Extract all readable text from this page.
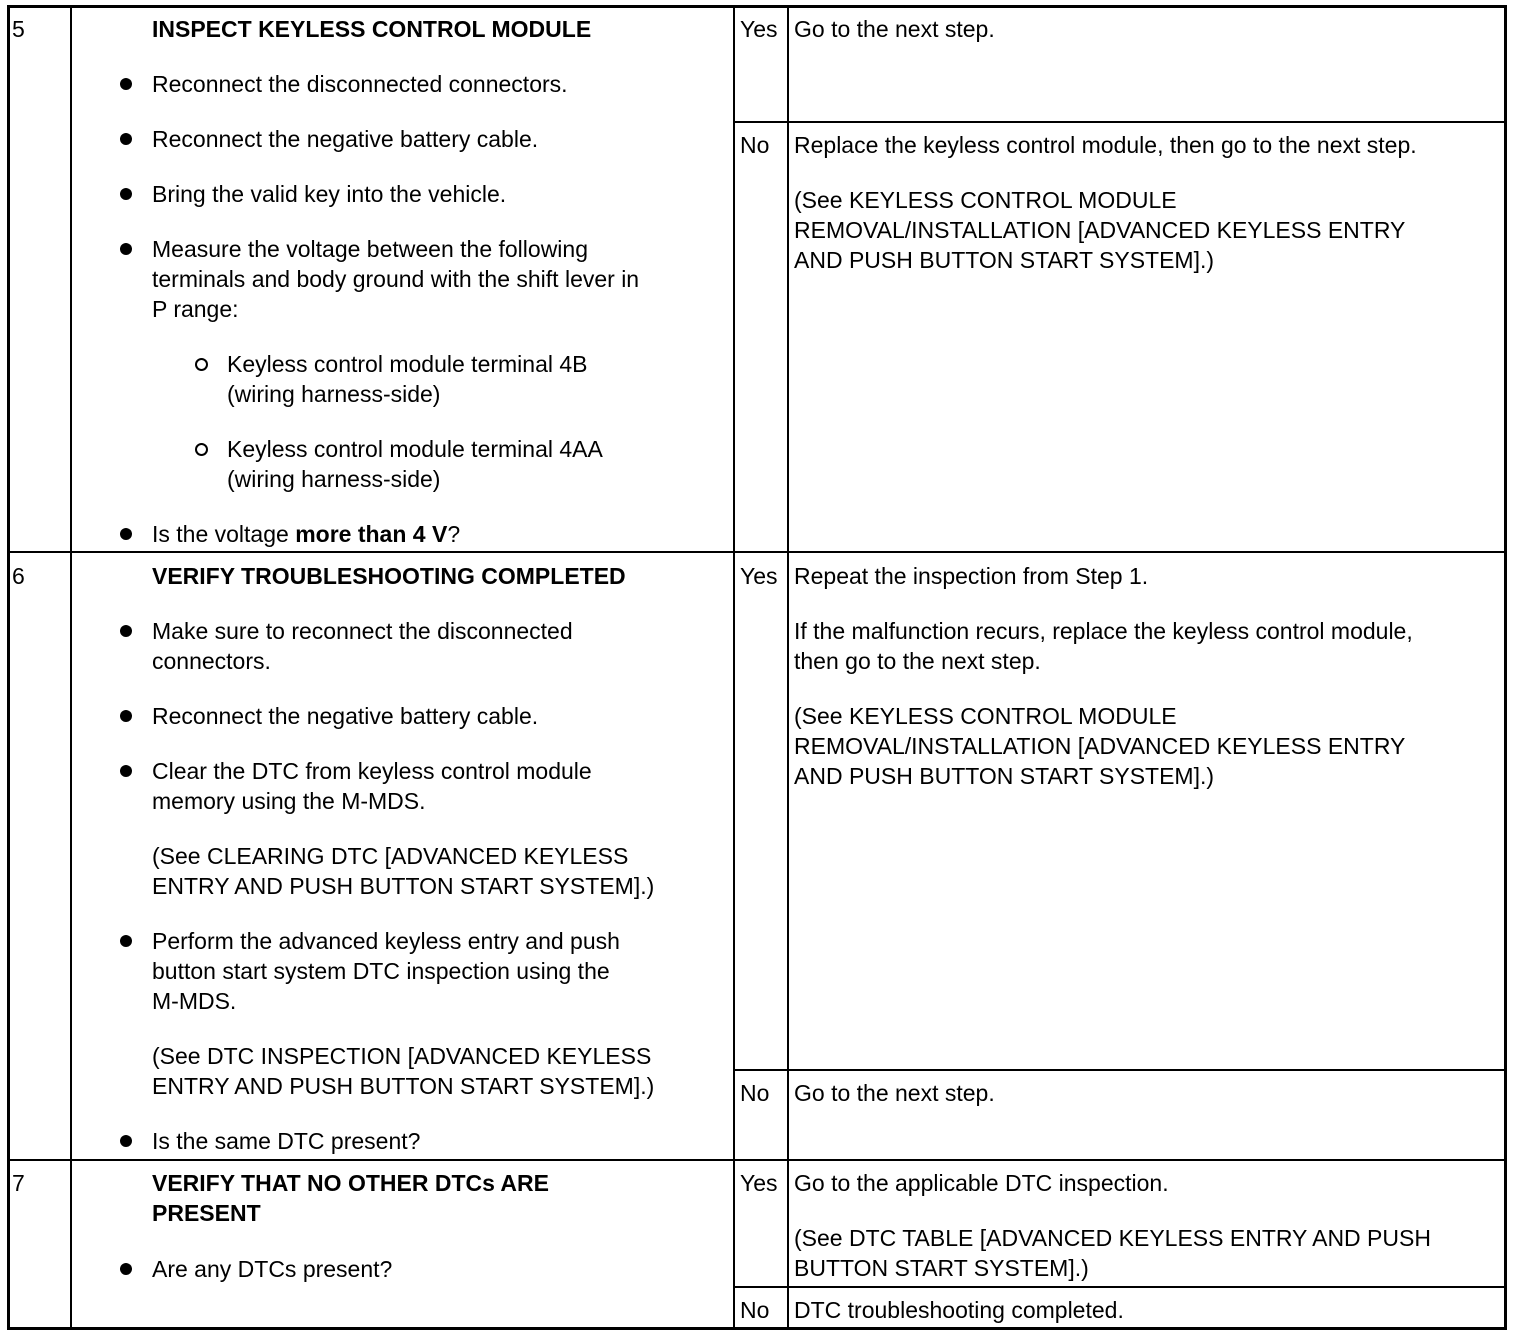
5	INSPECT KEYLESS CONTROL MODULE
Reconnect the disconnected connectors.
Reconnect the negative battery cable.
Bring the valid key into the vehicle.
Measure the voltage between the following
terminals and body ground with the shift lever in
P range:
Keyless control module terminal 4B
(wiring harness-side)
Keyless control module terminal 4AA
(wiring harness-side)
Is the voltage more than 4 V?
Yes Go to the next step.
No Replace the keyless control module, then go to the next step.
(See KEYLESS CONTROL MODULE
REMOVAL/INSTALLATION [ADVANCED KEYLESS ENTRY
AND PUSH BUTTON START SYSTEM].)
6	VERIFY TROUBLESHOOTING COMPLETED
Make sure to reconnect the disconnected
connectors.
Reconnect the negative battery cable.
Clear the DTC from keyless control module
memory using the M-MDS.
(See CLEARING DTC [ADVANCED KEYLESS
ENTRY AND PUSH BUTTON START SYSTEM].)
Perform the advanced keyless entry and push
button start system DTC inspection using the
M-MDS.
(See DTC INSPECTION [ADVANCED KEYLESS
ENTRY AND PUSH BUTTON START SYSTEM].)
Is the same DTC present?
Yes Repeat the inspection from Step 1.
If the malfunction recurs, replace the keyless control module,
then go to the next step.
(See KEYLESS CONTROL MODULE
REMOVAL/INSTALLATION [ADVANCED KEYLESS ENTRY
AND PUSH BUTTON START SYSTEM].)
No Go to the next step.
7	VERIFY THAT NO OTHER DTCs ARE
PRESENT
Are any DTCs present?
Yes Go to the applicable DTC inspection.
(See DTC TABLE [ADVANCED KEYLESS ENTRY AND PUSH
BUTTON START SYSTEM].)
No DTC troubleshooting completed.
